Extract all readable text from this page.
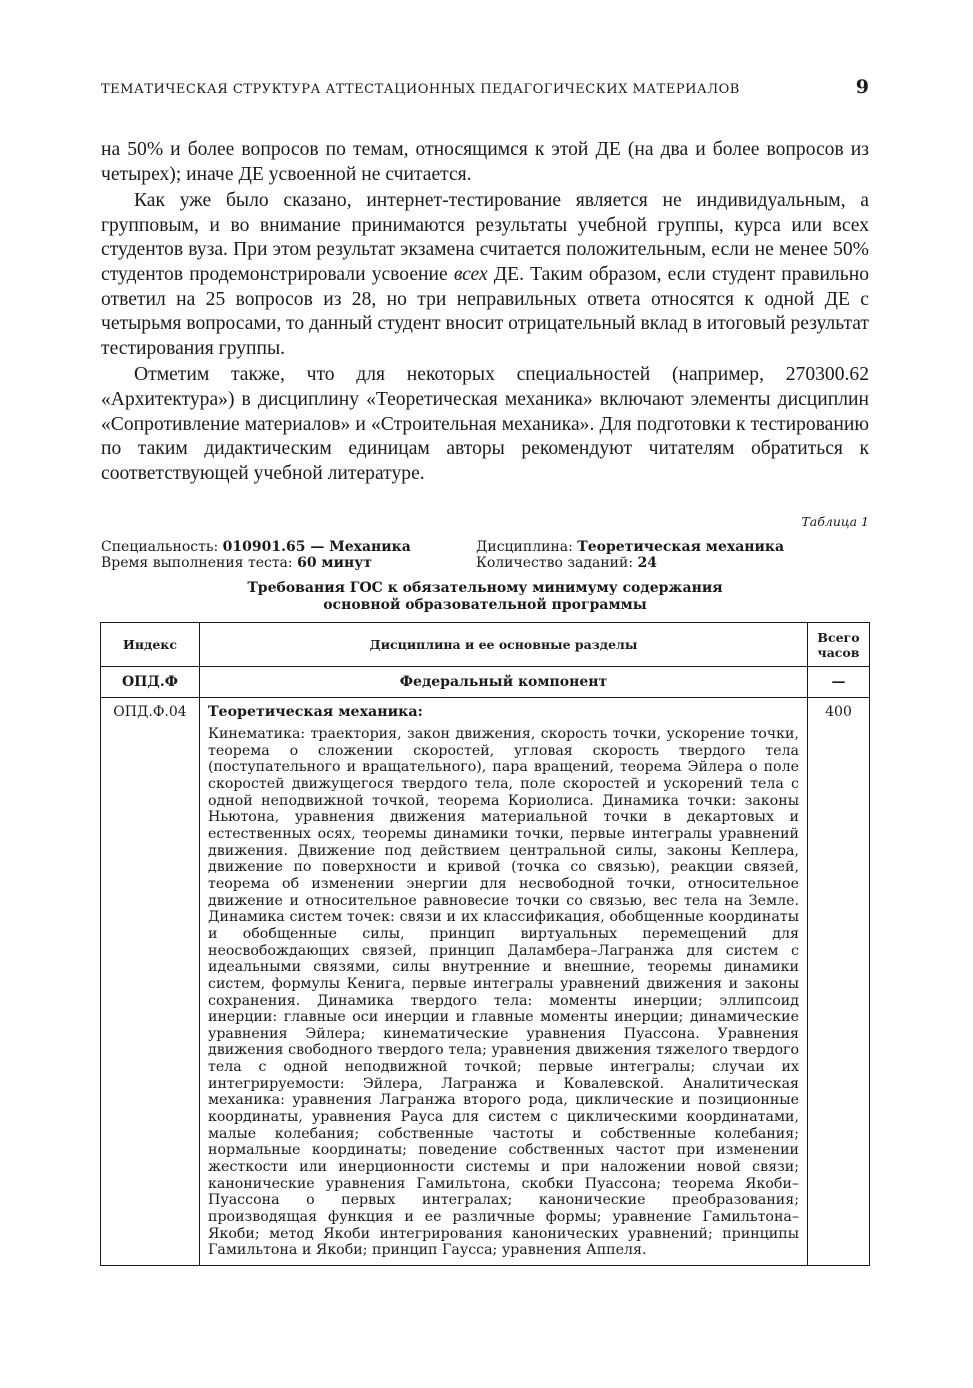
ТЕМАТИЧЕСКАЯ СТРУКТУРА АТТЕСТАЦИОННЫХ ПЕДАГОГИЧЕСКИХ МАТЕРИАЛОВ	9

на 50% и более вопросов по темам, относящимся к этой ДЕ (на два и более вопросов из четырех); иначе ДЕ усвоенной не считается.

Как уже было сказано, интернет-тестирование является не индивидуальным, а групповым, и во внимание принимаются результаты учебной группы, курса или всех студентов вуза. При этом результат экзамена считается положительным, если не менее 50% студентов продемонстрировали усвоение всех ДЕ. Таким образом, если студент правильно ответил на 25 вопросов из 28, но три неправильных ответа относятся к одной ДЕ с четырьмя вопросами, то данный студент вносит отрицательный вклад в итоговый результат тестирования группы.

Отметим также, что для некоторых специальностей (например, 270300.62 «Архитектура») в дисциплину «Теоретическая механика» включают элементы дисциплин «Сопротивление материалов» и «Строительная механика». Для подготовки к тестированию по таким дидактическим единицам авторы рекомендуют читателям обратиться к соответствующей учебной литературе.

Таблица 1
Специальность: 010901.65 — Механика
Время выполнения теста: 60 минут
Дисциплина: Теоретическая механика
Количество заданий: 24
Требования ГОС к обязательному минимуму содержания
основной образовательной программы
Индекс	Дисциплина и ее основные разделы	Всего
часов

ОПД.Ф	Федеральный компонент	—
ОПД.Ф.04	Теоретическая механика:
Кинематика: траектория, закон движения, скорость точки, ускорение точки, теорема о сложении скоростей, угловая скорость твердого тела (поступательного и вращательного), пара вращений, теорема Эйлера о поле скоростей движущегося твердого тела, поле скоростей и ускорений тела с одной неподвижной точкой, теорема Кориолиса. Динамика точки: законы Ньютона, уравнения движения материальной точки в декартовых и естественных осях, теоремы динамики точки, первые интегралы уравнений движения. Движение под действием центральной силы, законы Кеплера, движение по поверхности и кривой (точка со связью), реакции связей, теорема об изменении энергии для несвободной точки, относительное движение и относительное равновесие точки со связью, вес тела на Земле. Динамика систем точек: связи и их классификация, обобщенные координаты и обобщенные силы, принцип виртуальных перемещений для неосвобождающих связей, принцип Даламбера–Лагранжа для систем с идеальными связями, силы внутренние и внешние, теоремы динамики систем, формулы Кенига, первые интегралы уравнений движения и законы сохранения. Динамика твердого тела: моменты инерции; эллипсоид инерции: главные оси инерции и главные моменты инерции; динамические уравнения Эйлера; кинематические уравнения Пуассона. Уравнения движения свободного твердого тела; уравнения движения тяжелого твердого тела с одной неподвижной точкой; первые интегралы; случаи их интегрируемости: Эйлера, Лагранжа и Ковалевской. Аналитическая механика: уравнения Лагранжа второго рода, циклические и позиционные координаты, уравнения Рауса для систем с циклическими координатами, малые колебания; собственные частоты и собственные колебания; нормальные координаты; поведение собственных частот при изменении жесткости или инерционности системы и при наложении новой связи; канонические уравнения Гамильтона, скобки Пуассона; теорема Якоби–Пуассона о первых интегралах; канонические преобразования; производящая функция и ее различные формы; уравнение Гамильтона–Якоби; метод Якоби интегрирования канонических уравнений; принципы Гамильтона и Якоби; принцип Гаусса; уравнения Аппеля.	400
